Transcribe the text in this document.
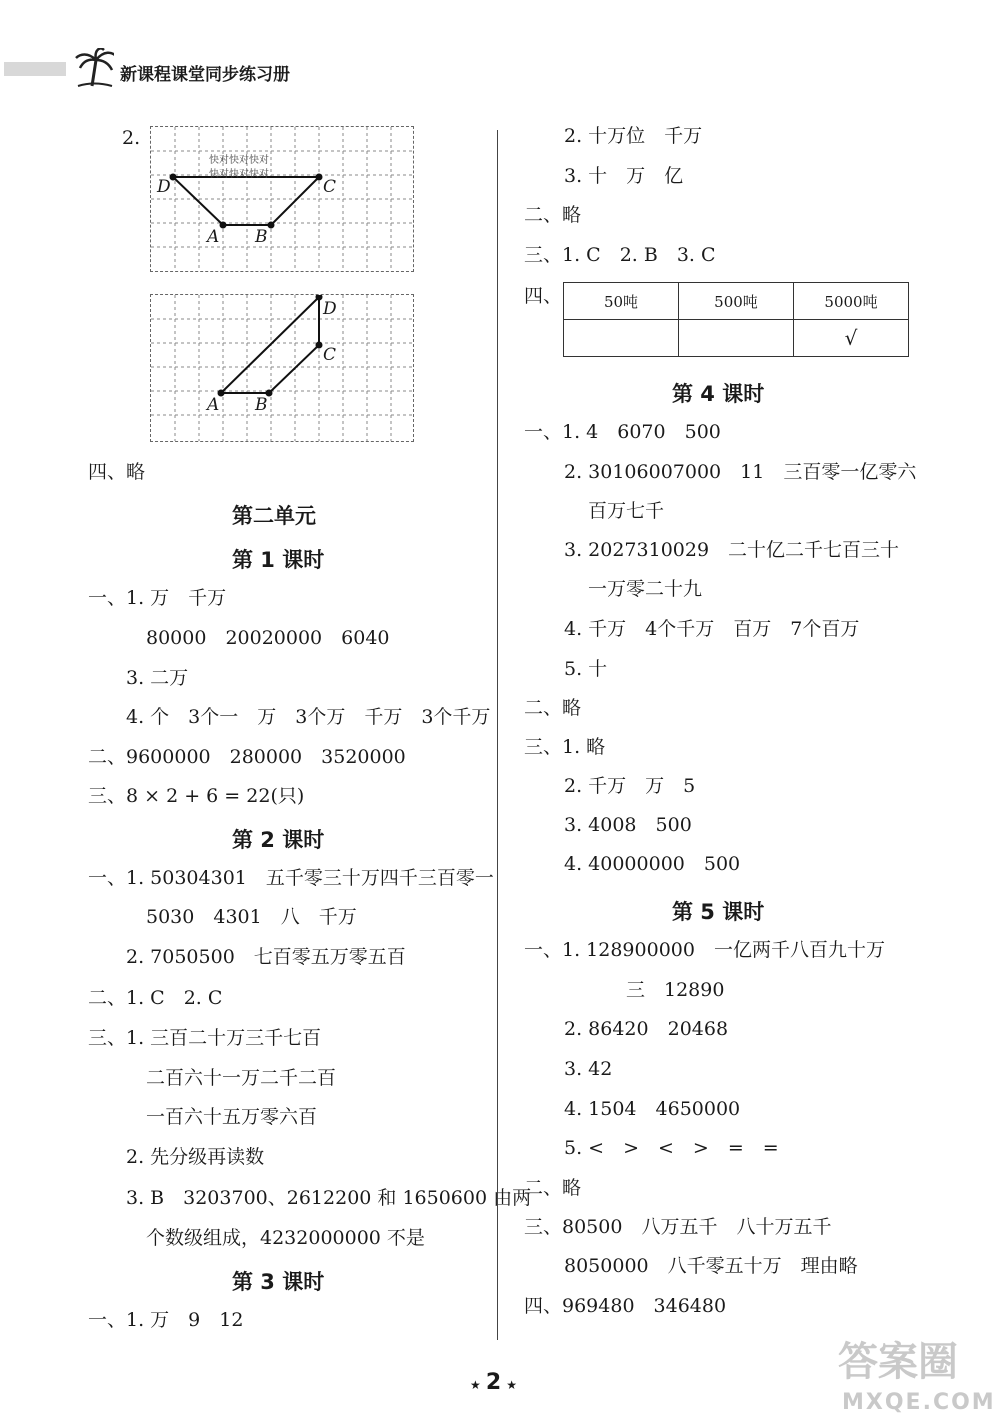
新课程课堂同步练习册
2.
D	C
A B
快对快对快对
快对快对快对
D
C
A B
四、略
第二单元
第 1 课时
一、1. 万　千万
80000　20020000　6040
3. 二万
4. 个　3个一　万　3个万　千万　3个千万
二、9600000　280000　3520000
三、8 × 2 + 6 = 22(只)
第 2 课时
一、1. 50304301　五千零三十万四千三百零一
5030　4301　八　千万
2. 7050500　七百零五万零五百
二、1. C　2. C
三、1. 三百二十万三千七百
二百六十一万二千二百
一百六十五万零六百
2. 先分级再读数
3. B　3203700、2612200 和 1650600 由两
个数级组成，4232000000 不是
第 3 课时
一、1. 万　9　12
2. 十万位　千万
3. 十　万　亿
二、略
三、1. C　2. B　3. C
四、	50吨	500吨	5000吨
		√
第 4 课时
一、1. 4　6070　500
2. 30106007000　11　三百零一亿零六
百万七千
3. 2027310029　二十亿二千七百三十
一万零二十九
4. 千万　4个千万　百万　7个百万
5. 十
二、略
三、1. 略
2. 千万　万　5
3. 4008　500
4. 40000000　500
第 5 课时
一、1. 128900000　一亿两千八百九十万
三　12890
2. 86420　20468
3. 42
4. 1504　4650000
5. <　>　<　>　=　=
二、略
三、80500　八万五千　八十万五千
8050000　八千零五十万　理由略
四、969480　346480
★ 2 ★	答案圈
MXQE.COM
